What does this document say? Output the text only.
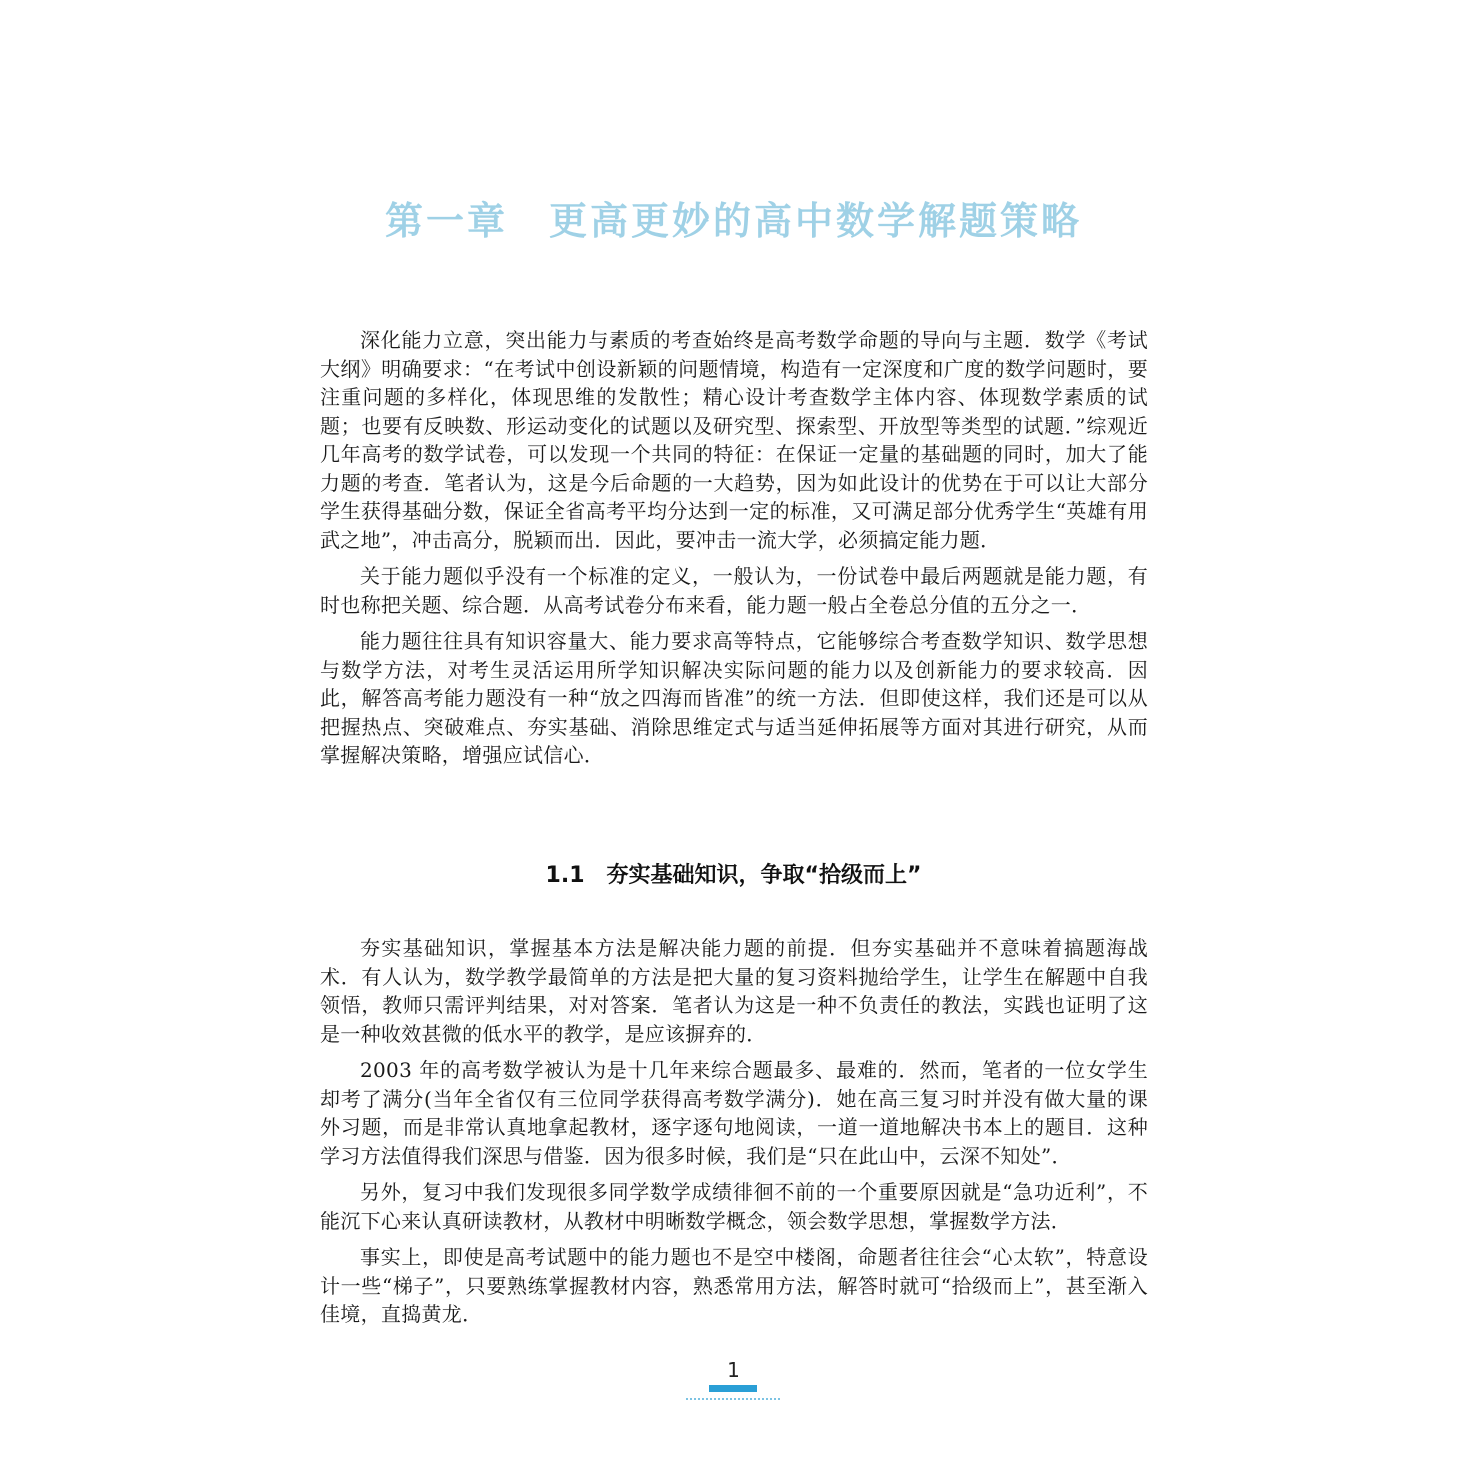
第一章　更高更妙的高中数学解题策略

深化能力立意，突出能力与素质的考查始终是高考数学命题的导向与主题．数学《考试大纲》明确要求：“在考试中创设新颖的问题情境，构造有一定深度和广度的数学问题时，要注重问题的多样化，体现思维的发散性；精心设计考查数学主体内容、体现数学素质的试题；也要有反映数、形运动变化的试题以及研究型、探索型、开放型等类型的试题．”综观近几年高考的数学试卷，可以发现一个共同的特征：在保证一定量的基础题的同时，加大了能力题的考查．笔者认为，这是今后命题的一大趋势，因为如此设计的优势在于可以让大部分学生获得基础分数，保证全省高考平均分达到一定的标准，又可满足部分优秀学生“英雄有用武之地”，冲击高分，脱颖而出．因此，要冲击一流大学，必须搞定能力题．

关于能力题似乎没有一个标准的定义，一般认为，一份试卷中最后两题就是能力题，有时也称把关题、综合题．从高考试卷分布来看，能力题一般占全卷总分值的五分之一．

能力题往往具有知识容量大、能力要求高等特点，它能够综合考查数学知识、数学思想与数学方法，对考生灵活运用所学知识解决实际问题的能力以及创新能力的要求较高．因此，解答高考能力题没有一种“放之四海而皆准”的统一方法．但即使这样，我们还是可以从把握热点、突破难点、夯实基础、消除思维定式与适当延伸拓展等方面对其进行研究，从而掌握解决策略，增强应试信心．

1.1 夯实基础知识，争取“拾级而上”

夯实基础知识，掌握基本方法是解决能力题的前提．但夯实基础并不意味着搞题海战术．有人认为，数学教学最简单的方法是把大量的复习资料抛给学生，让学生在解题中自我领悟，教师只需评判结果，对对答案．笔者认为这是一种不负责任的教法，实践也证明了这是一种收效甚微的低水平的教学，是应该摒弃的．

2003 年的高考数学被认为是十几年来综合题最多、最难的．然而，笔者的一位女学生却考了满分(当年全省仅有三位同学获得高考数学满分)．她在高三复习时并没有做大量的课外习题，而是非常认真地拿起教材，逐字逐句地阅读，一道一道地解决书本上的题目．这种学习方法值得我们深思与借鉴．因为很多时候，我们是“只在此山中，云深不知处”．

另外，复习中我们发现很多同学数学成绩徘徊不前的一个重要原因就是“急功近利”，不能沉下心来认真研读教材，从教材中明晰数学概念，领会数学思想，掌握数学方法．

事实上，即使是高考试题中的能力题也不是空中楼阁，命题者往往会“心太软”，特意设计一些“梯子”，只要熟练掌握教材内容，熟悉常用方法，解答时就可“拾级而上”，甚至渐入佳境，直捣黄龙．

1
